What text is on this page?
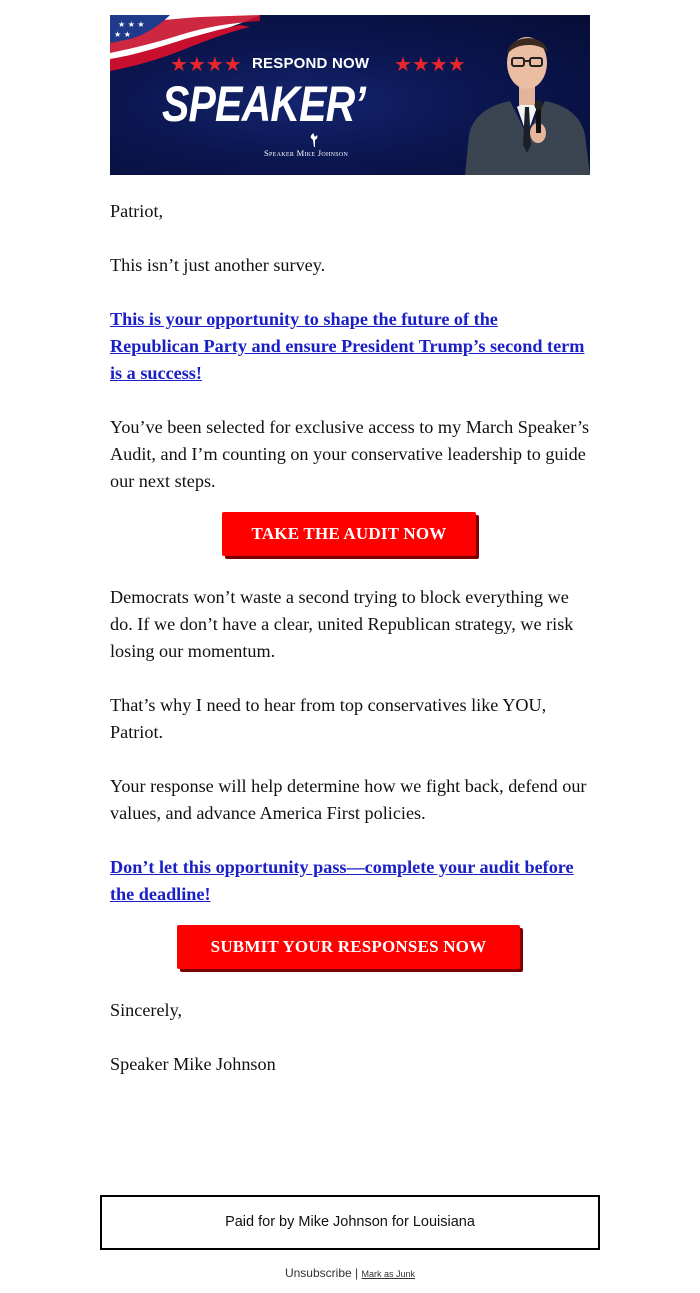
★ ★ ★
★ ★
★★★★ RESPOND NOW ★★★★
SPEAKER’
Speaker Mike Johnson

Patriot,

This isn’t just another survey.

This is your opportunity to shape the future of the Republican Party and ensure President Trump’s second term is a success!

You’ve been selected for exclusive access to my March Speaker’s Audit, and I’m counting on your conservative leadership to guide our next steps.

TAKE THE AUDIT NOW

Democrats won’t waste a second trying to block everything we do. If we don’t have a clear, united Republican strategy, we risk losing our momentum.

That’s why I need to hear from top conservatives like YOU, Patriot.

Your response will help determine how we fight back, defend our values, and advance America First policies.

Don’t let this opportunity pass—complete your audit before the deadline!

SUBMIT YOUR RESPONSES NOW

Sincerely,

Speaker Mike Johnson

Paid for by Mike Johnson for Louisiana
Unsubscribe | Mark as Junk
